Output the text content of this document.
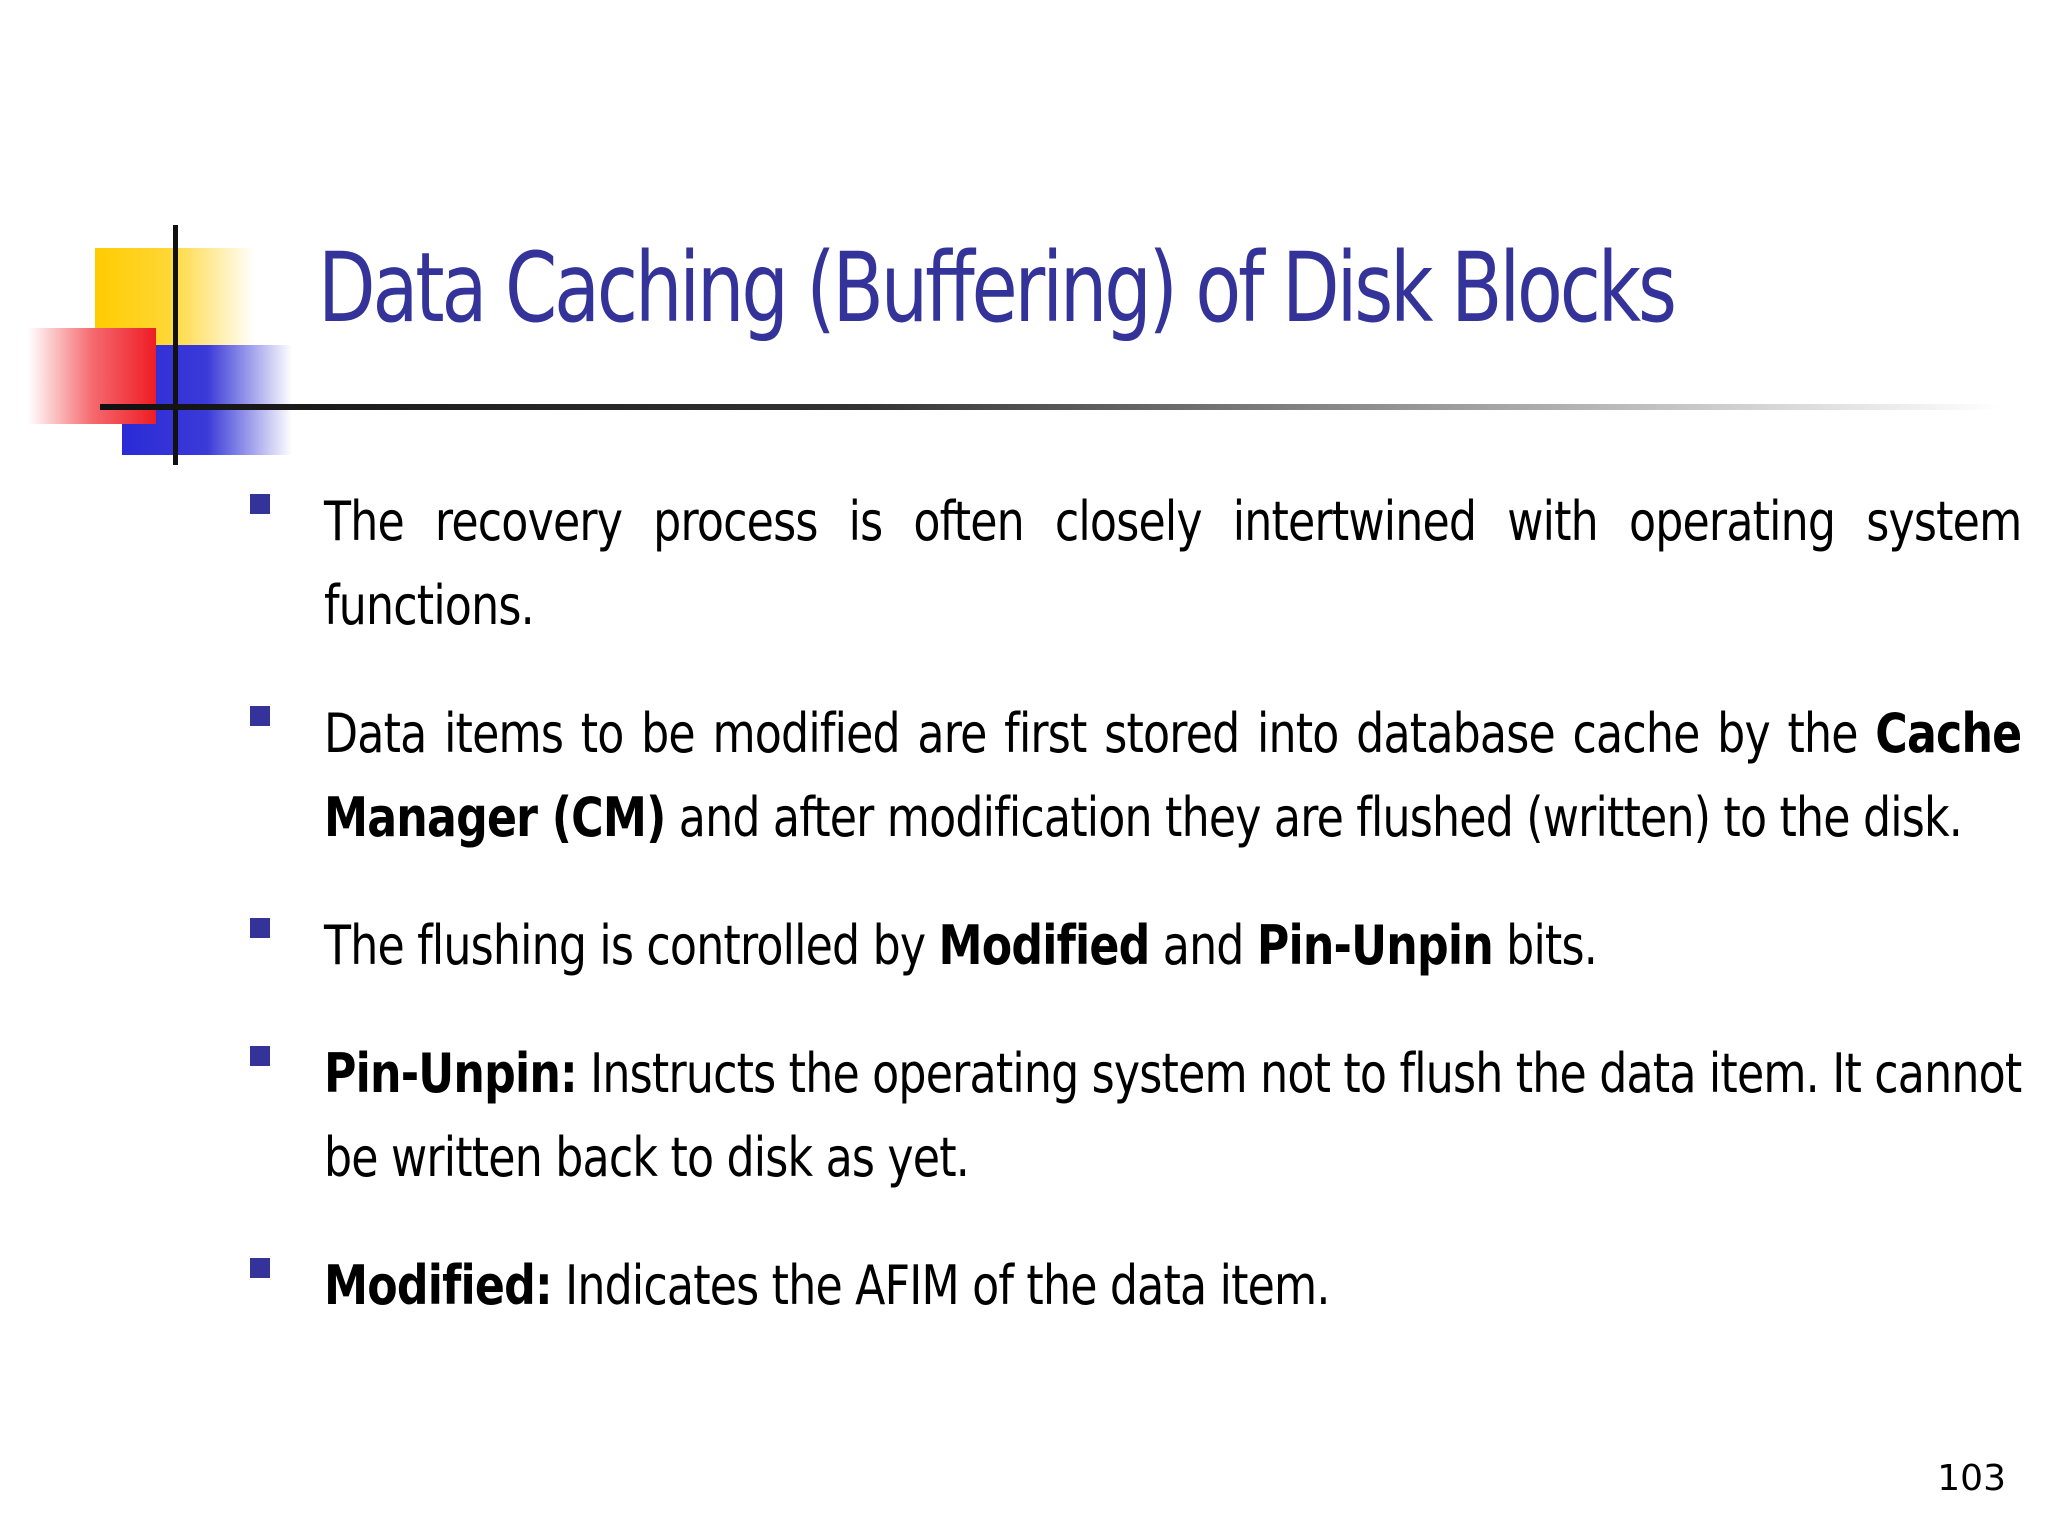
Data Caching (Buffering) of Disk Blocks
The recovery process is often closely intertwined with operating system functions.
Data items to be modified are first stored into database cache by the Cache Manager (CM) and after modification they are flushed (written) to the disk.
The flushing is controlled by Modified and Pin-Unpin bits.
Pin-Unpin: Instructs the operating system not to flush the data item. It cannot be written back to disk as yet.
Modified: Indicates the AFIM of the data item.
103
